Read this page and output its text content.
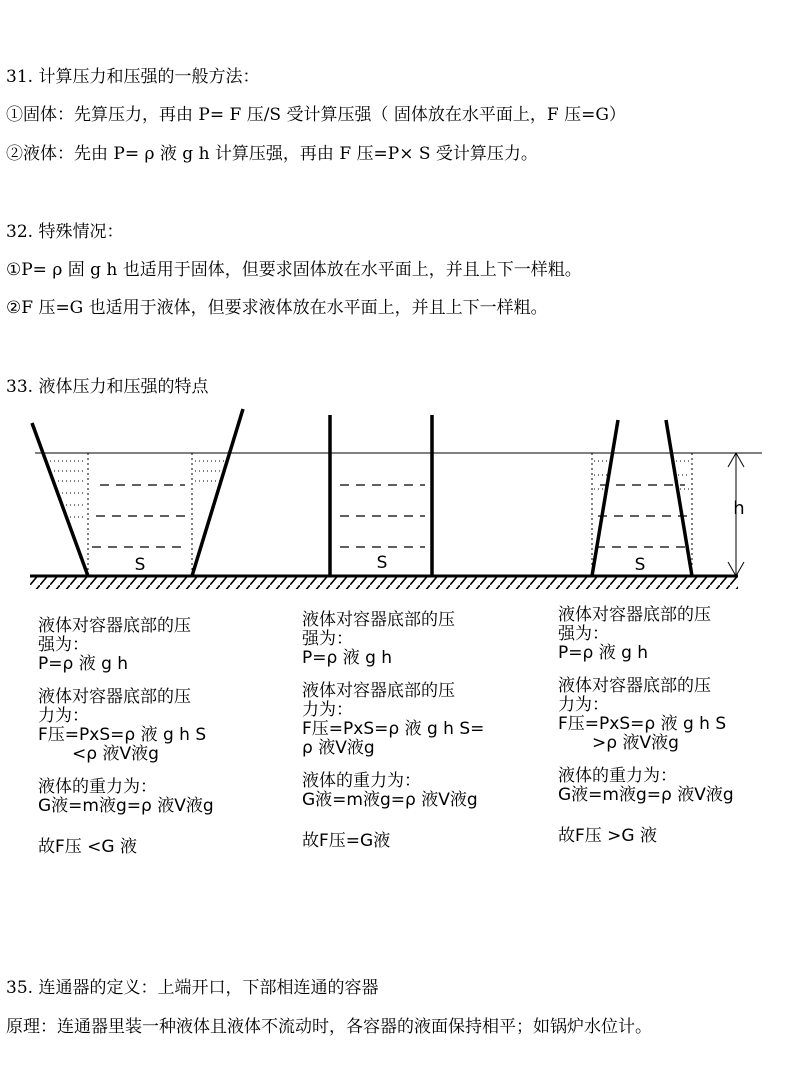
31. 计算压力和压强的一般方法：
①固体：先算压力，再由 P= F 压/S 受计算压强（ 固体放在水平面上，F 压=G）
②液体：先由 P= ρ 液 g h 计算压强，再由 F 压=P× S 受计算压力。
32. 特殊情况：
①P= ρ 固 g h 也适用于固体，但要求固体放在水平面上，并且上下一样粗。
②F 压=G 也适用于液体，但要求液体放在水平面上，并且上下一样粗。
33. 液体压力和压强的特点
S	S	S
h
液体对容器底部的压
强为：
P=ρ 液 g h
液体对容器底部的压
力为：
F压=PxS=ρ 液 g h S
<ρ 液V液g
液体的重力为：
G液=m液g=ρ 液V液g
故F压 <G 液
液体对容器底部的压
强为：
P=ρ 液 g h
液体对容器底部的压
力为：
F压=PxS=ρ 液 g h S=
ρ 液V液g
液体的重力为：
G液=m液g=ρ 液V液g
故F压=G液
液体对容器底部的压
强为：
P=ρ 液 g h
液体对容器底部的压
力为：
F压=PxS=ρ 液 g h S
>ρ 液V液g
液体的重力为：
G液=m液g=ρ 液V液g
故F压 >G 液
35. 连通器的定义：上端开口，下部相连通的容器
原理：连通器里装一种液体且液体不流动时，各容器的液面保持相平；如锅炉水位计。
